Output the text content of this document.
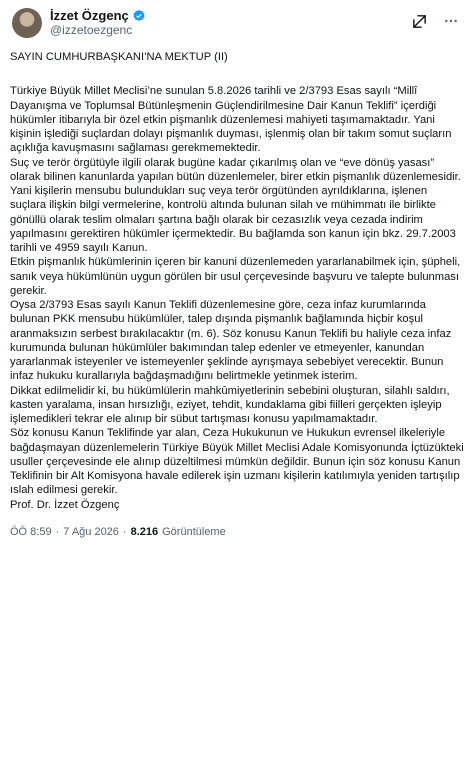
İzzet Özgenç
@izzetoezgenc

SAYIN CUMHURBAŞKANI’NA MEKTUP (II)

Türkiye Büyük Millet Meclisi’ne sunulan 5.8.2026 tarihli ve 2/3793 Esas sayılı “Millî Dayanışma ve Toplumsal Bütünleşmenin Güçlendirilmesine Dair Kanun Teklifi” içerdiği hükümler itibarıyla bir özel etkin pişmanlık düzenlemesi mahiyeti taşımamaktadır. Yani kişinin işlediği suçlardan dolayı pişmanlık duyması, işlenmiş olan bir takım somut suçların açıklığa kavuşmasını sağlaması gerekmemektedir.

Suç ve terör örgütüyle ilgili olarak bugüne kadar çıkarılmış olan ve “eve dönüş yasası” olarak bilinen kanunlarda yapılan bütün düzenlemeler, birer etkin pişmanlık düzenlemesidir. Yani kişilerin mensubu bulundukları suç veya terör örgütünden ayrıldıklarına, işlenen suçlara ilişkin bilgi vermelerine, kontrolü altında bulunan silah ve mühimmatı ile birlikte gönüllü olarak teslim olmaları şartına bağlı olarak bir cezasızlık veya cezada indirim yapılmasını gerektiren hükümler içermektedir. Bu bağlamda son kanun için bkz. 29.7.2003 tarihli ve 4959 sayılı Kanun.

Etkin pişmanlık hükümlerinin içeren bir kanuni düzenlemeden yararlanabilmek için, şüpheli, sanık veya hükümlünün uygun görülen bir usul çerçevesinde başvuru ve talepte bulunması gerekir.

Oysa 2/3793 Esas sayılı Kanun Teklifi düzenlemesine göre, ceza infaz kurumlarında bulunan PKK mensubu hükümlüler, talep dışında pişmanlık bağlamında hiçbir koşul aranmaksızın serbest bırakılacaktır (m. 6). Söz konusu Kanun Teklifi bu haliyle ceza infaz kurumunda bulunan hükümlüler bakımından talep edenler ve etmeyenler, kanundan yararlanmak isteyenler ve istemeyenler şeklinde ayrışmaya sebebiyet verecektir. Bunun infaz hukuku kurallarıyla bağdaşmadığını belirtmekle yetinmek isterim.

Dikkat edilmelidir ki, bu hükümlülerin mahkûmiyetlerinin sebebini oluşturan, silahlı saldırı, kasten yaralama, insan hırsızlığı, eziyet, tehdit, kundaklama gibi fiilleri gerçekten işleyip işlemedikleri tekrar ele alınıp bir sübut tartışması konusu yapılmamaktadır.

Söz konusu Kanun Teklifinde yar alan, Ceza Hukukunun ve Hukukun evrensel ilkeleriyle bağdaşmayan düzenlemelerin Türkiye Büyük Millet Meclisi Adale Komisyonunda İçtüzükteki usuller çerçevesinde ele alınıp düzeltilmesi mümkün değildir. Bunun için söz konusu Kanun Teklifinin bir Alt Komisyona havale edilerek işin uzmanı kişilerin katılımıyla yeniden tartışılıp ıslah edilmesi gerekir.

Prof. Dr. İzzet Özgenç

ÖÖ 8:59 · 7 Ağu 2026 · 8.216 Görüntüleme
